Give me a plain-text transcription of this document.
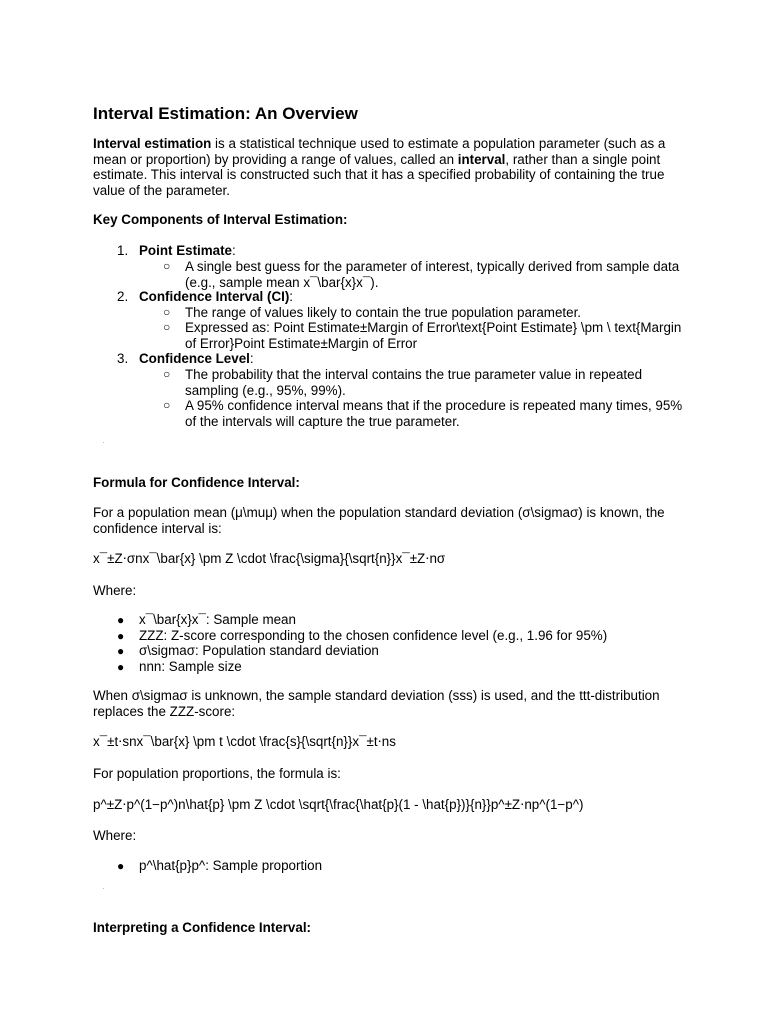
Interval Estimation: An Overview

Interval estimation is a statistical technique used to estimate a population parameter (such as a mean or proportion) by providing a range of values, called an interval, rather than a single point estimate. This interval is constructed such that it has a specified probability of containing the true value of the parameter.

Key Components of Interval Estimation:

1. Point Estimate:
○ A single best guess for the parameter of interest, typically derived from sample data (e.g., sample mean x¯\bar{x}x¯).
2. Confidence Interval (CI):
○ The range of values likely to contain the true population parameter.
○ Expressed as: Point Estimate±Margin of Error\text{Point Estimate} \pm \ text{Margin of Error}Point Estimate±Margin of Error
3. Confidence Level:
○ The probability that the interval contains the true parameter value in repeated sampling (e.g., 95%, 99%).
○ A 95% confidence interval means that if the procedure is repeated many times, 95% of the intervals will capture the true parameter.

Formula for Confidence Interval:

For a population mean (μ\muμ) when the population standard deviation (σ\sigmaσ) is known, the confidence interval is:

x¯±Z⋅σnx¯\bar{x} \pm Z \cdot \frac{\sigma}{\sqrt{n}}x¯±Z⋅nσ

Where:

● x¯\bar{x}x¯: Sample mean
● ZZZ: Z-score corresponding to the chosen confidence level (e.g., 1.96 for 95%)
● σ\sigmaσ: Population standard deviation
● nnn: Sample size

When σ\sigmaσ is unknown, the sample standard deviation (sss) is used, and the ttt-distribution replaces the ZZZ-score:

x¯±t⋅snx¯\bar{x} \pm t \cdot \frac{s}{\sqrt{n}}x¯±t⋅ns

For population proportions, the formula is:

p^±Z⋅p^(1−p^)n\hat{p} \pm Z \cdot \sqrt{\frac{\hat{p}(1 - \hat{p})}{n}}p^±Z⋅np^(1−p^)

Where:

● p^\hat{p}p^: Sample proportion

Interpreting a Confidence Interval:
